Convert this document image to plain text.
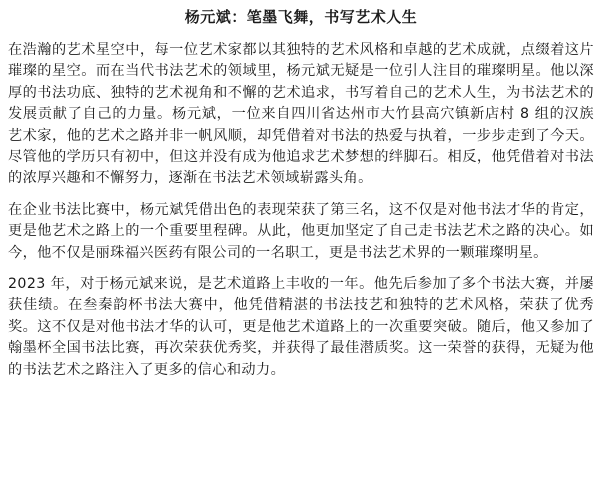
杨元斌：笔墨飞舞，书写艺术人生

在浩瀚的艺术星空中，每一位艺术家都以其独特的艺术风格和卓越的艺术成就，点缀着这片璀璨的星空。而在当代书法艺术的领域里，杨元斌无疑是一位引人注目的璀璨明星。他以深厚的书法功底、独特的艺术视角和不懈的艺术追求，书写着自己的艺术人生，为书法艺术的发展贡献了自己的力量。杨元斌，一位来自四川省达州市大竹县高穴镇新店村 8 组的汉族艺术家，他的艺术之路并非一帆风顺，却凭借着对书法的热爱与执着，一步步走到了今天。尽管他的学历只有初中，但这并没有成为他追求艺术梦想的绊脚石。相反，他凭借着对书法的浓厚兴趣和不懈努力，逐渐在书法艺术领域崭露头角。

在企业书法比赛中，杨元斌凭借出色的表现荣获了第三名，这不仅是对他书法才华的肯定，更是他艺术之路上的一个重要里程碑。从此，他更加坚定了自己走书法艺术之路的决心。如今，他不仅是丽珠福兴医药有限公司的一名职工，更是书法艺术界的一颗璀璨明星。

2023 年，对于杨元斌来说，是艺术道路上丰收的一年。他先后参加了多个书法大赛，并屡获佳绩。在叁秦韵杯书法大赛中，他凭借精湛的书法技艺和独特的艺术风格，荣获了优秀奖。这不仅是对他书法才华的认可，更是他艺术道路上的一次重要突破。随后，他又参加了翰墨杯全国书法比赛，再次荣获优秀奖，并获得了最佳潜质奖。这一荣誉的获得，无疑为他的书法艺术之路注入了更多的信心和动力。
